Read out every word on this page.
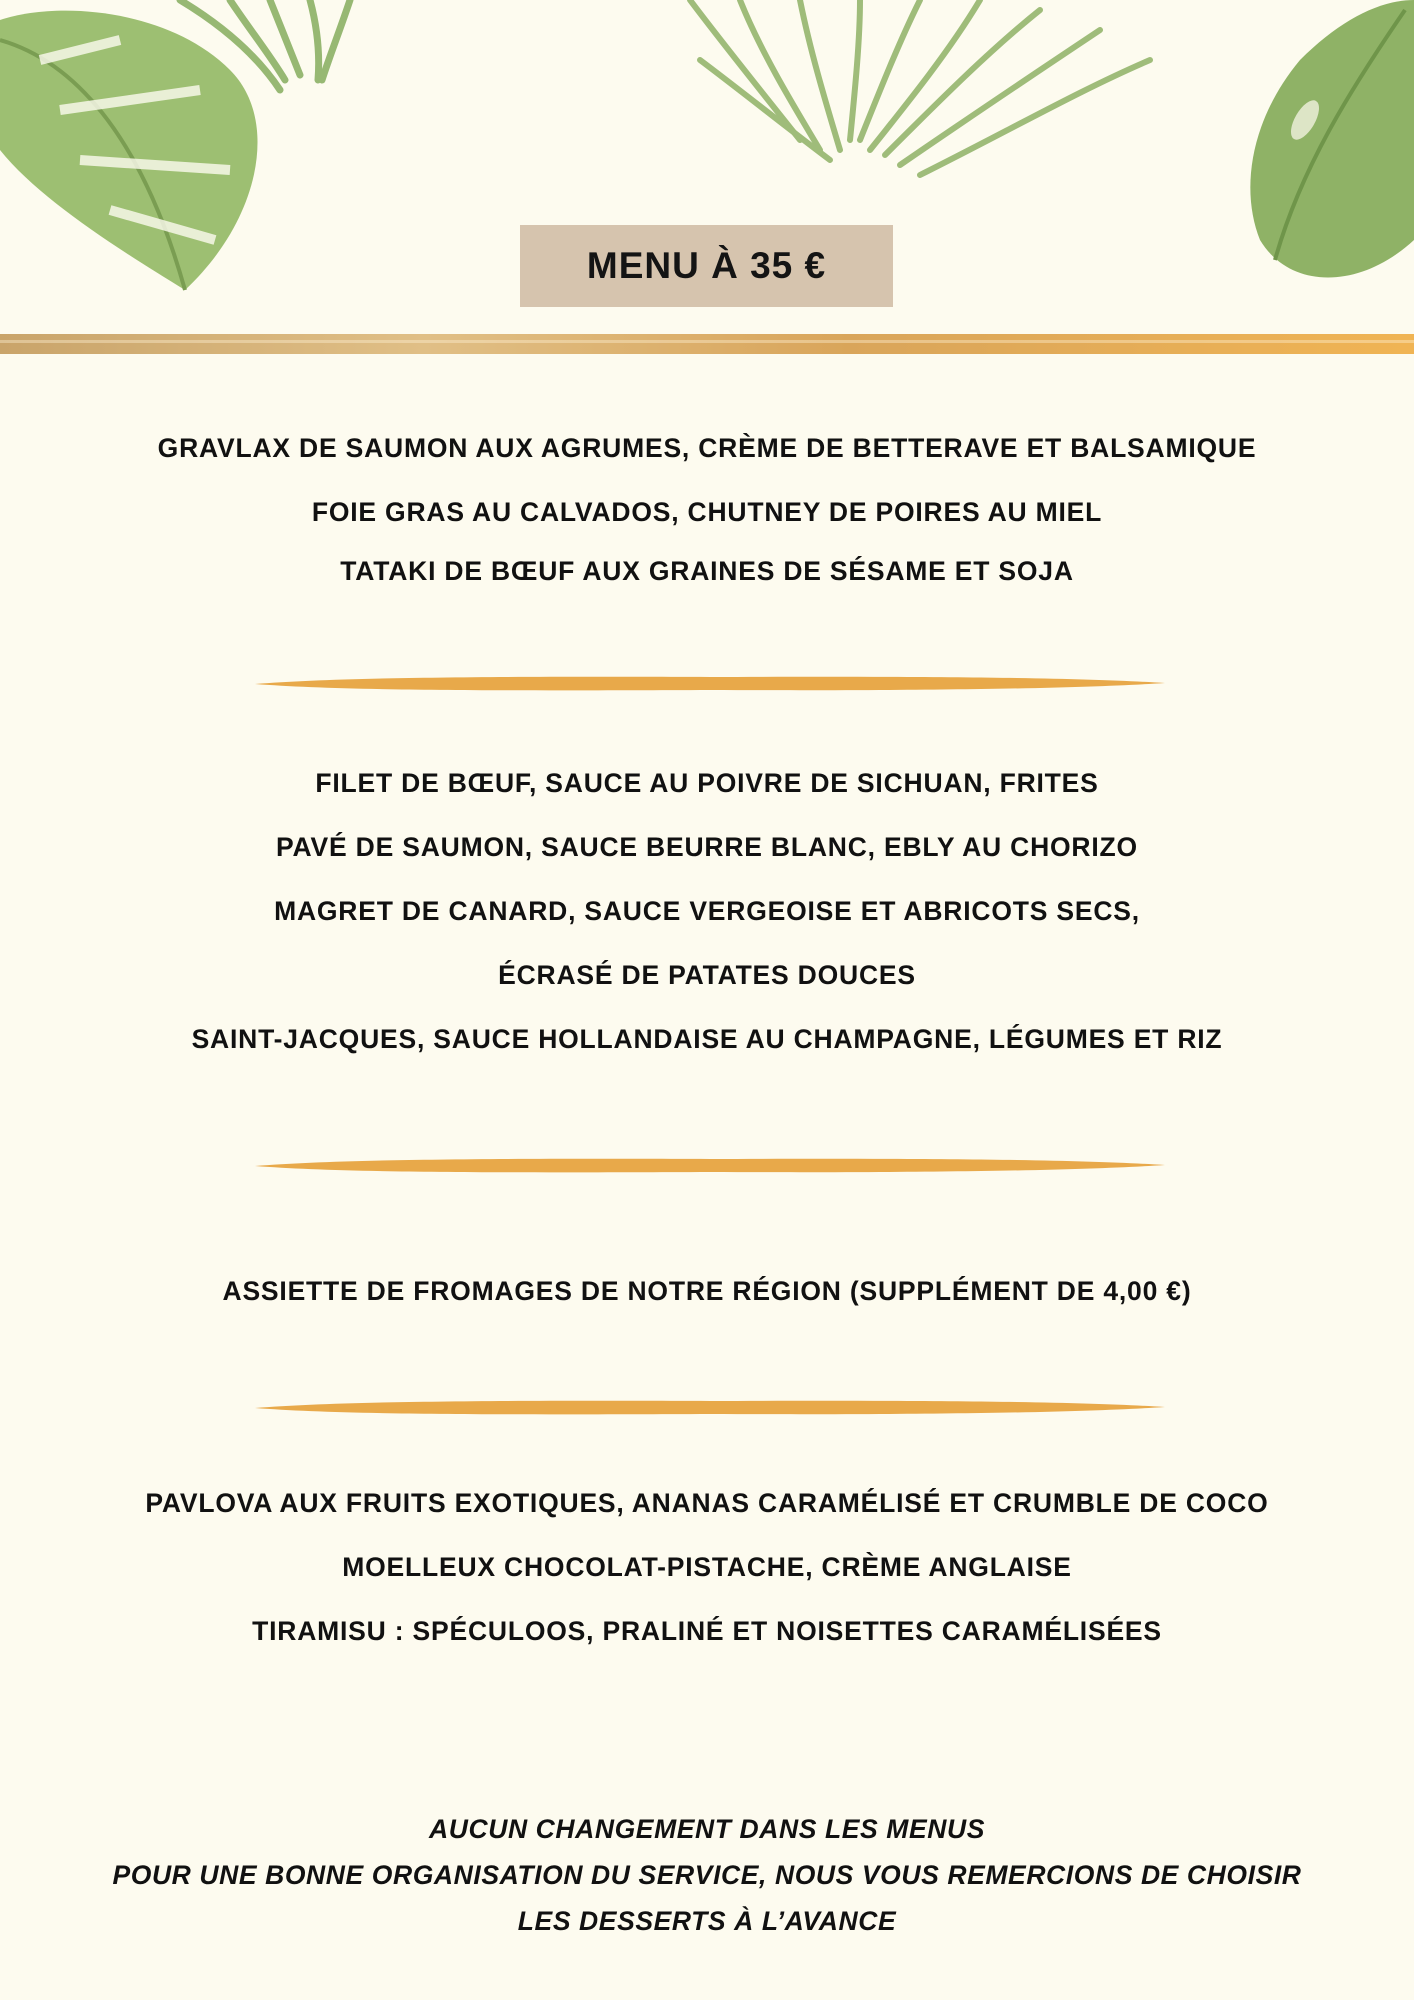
MENU À 35 €
GRAVLAX DE SAUMON AUX AGRUMES, CRÈME DE BETTERAVE ET BALSAMIQUE
FOIE GRAS AU CALVADOS, CHUTNEY DE POIRES AU MIEL
TATAKI DE BŒUF AUX GRAINES DE SÉSAME ET SOJA
FILET DE BŒUF, SAUCE AU POIVRE DE SICHUAN, FRITES
PAVÉ DE SAUMON, SAUCE BEURRE BLANC, EBLY AU CHORIZO
MAGRET DE CANARD, SAUCE VERGEOISE ET ABRICOTS SECS,
ÉCRASÉ DE PATATES DOUCES
SAINT-JACQUES, SAUCE HOLLANDAISE AU CHAMPAGNE, LÉGUMES ET RIZ
ASSIETTE DE FROMAGES DE NOTRE RÉGION (SUPPLÉMENT DE 4,00 €)
PAVLOVA AUX FRUITS EXOTIQUES, ANANAS CARAMÉLISÉ ET CRUMBLE DE COCO
MOELLEUX CHOCOLAT-PISTACHE, CRÈME ANGLAISE
TIRAMISU : SPÉCULOOS, PRALINÉ ET NOISETTES CARAMÉLISÉES
AUCUN CHANGEMENT DANS LES MENUS
POUR UNE BONNE ORGANISATION DU SERVICE, NOUS VOUS REMERCIONS DE CHOISIR
LES DESSERTS À L’AVANCE
